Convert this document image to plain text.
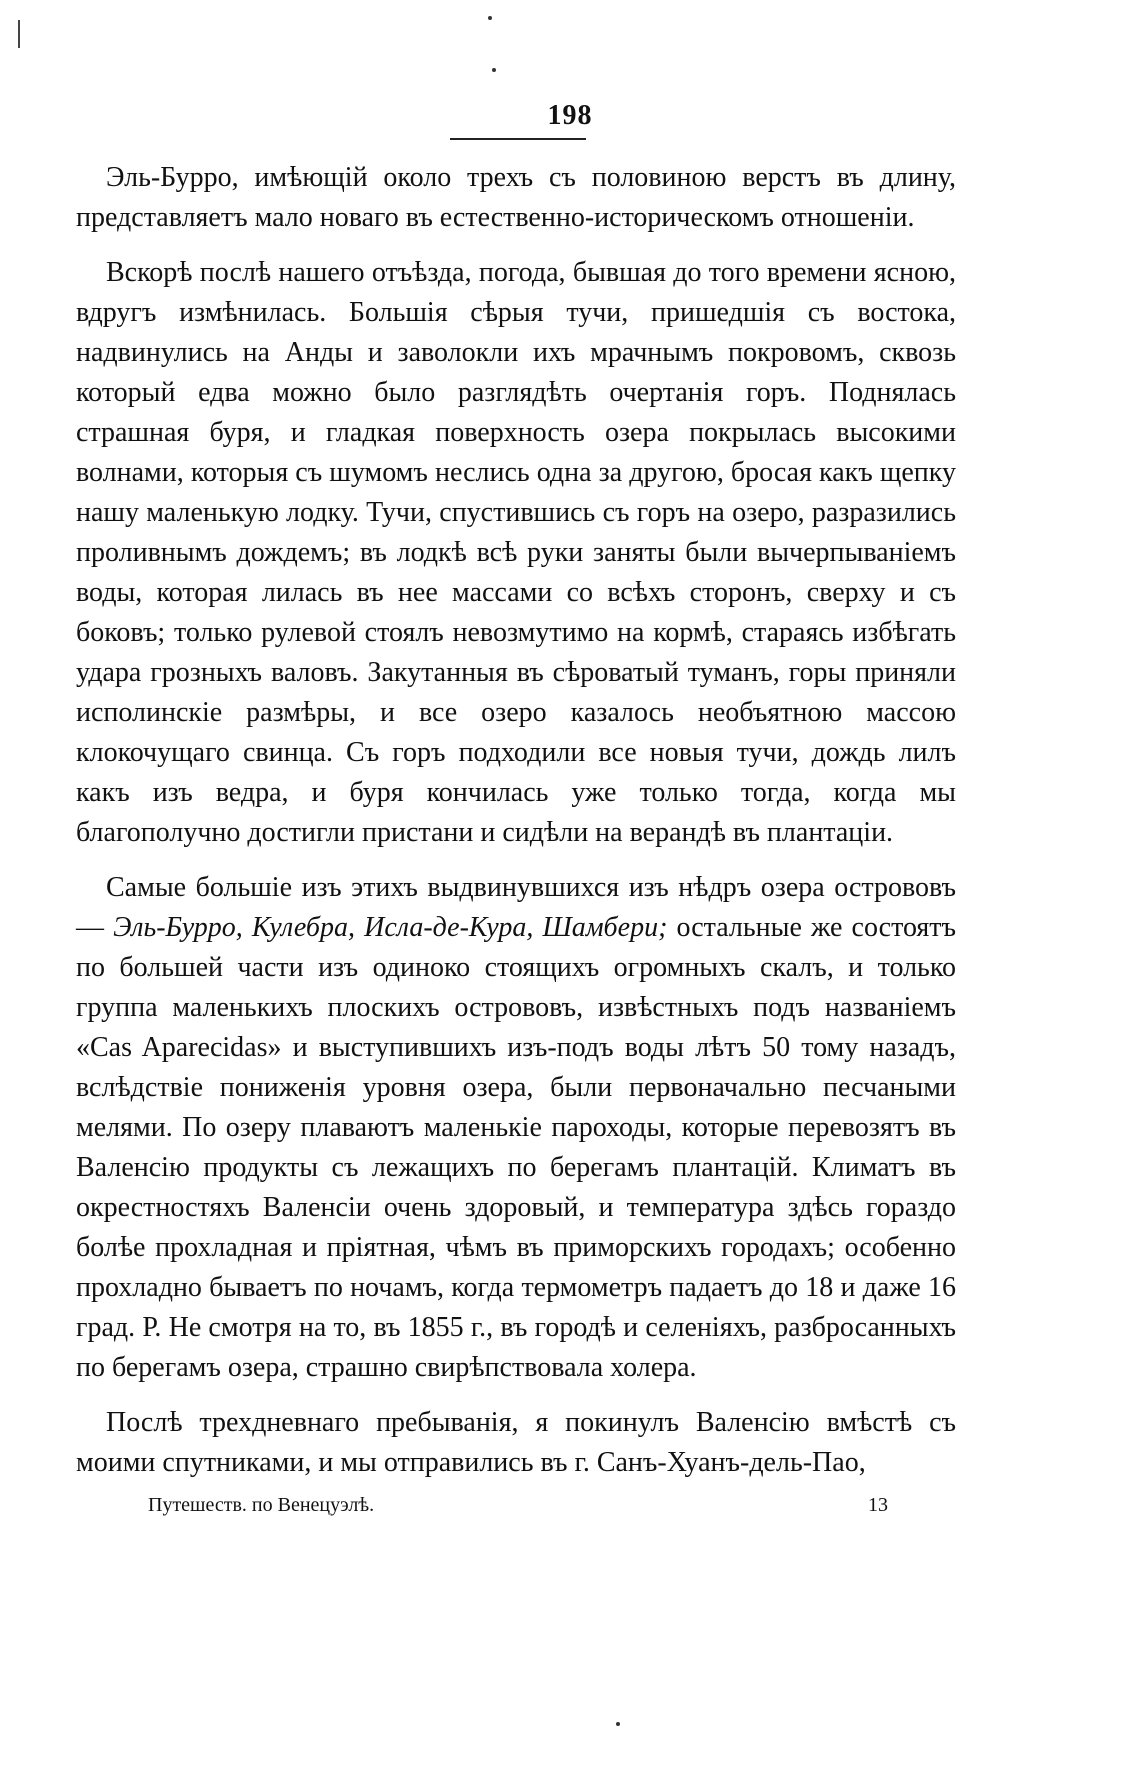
198

Эль-Бурро, имѣющій около трехъ съ половиною верстъ въ длину, представляетъ мало новаго въ естественно-историческомъ отношеніи.

Вскорѣ послѣ нашего отъѣзда, погода, бывшая до того времени ясною, вдругъ измѣнилась. Большія сѣрыя тучи, пришедшія съ востока, надвинулись на Анды и заволокли ихъ мрачнымъ покровомъ, сквозь который едва можно было разглядѣть очертанія горъ. Поднялась страшная буря, и гладкая поверхность озера покрылась высокими волнами, которыя съ шумомъ неслись одна за другою, бросая какъ щепку нашу маленькую лодку. Тучи, спустившись съ горъ на озеро, разразились проливнымъ дождемъ; въ лодкѣ всѣ руки заняты были вычерпываніемъ воды, которая лилась въ нее массами со всѣхъ сторонъ, сверху и съ боковъ; только рулевой стоялъ невозмутимо на кормѣ, стараясь избѣгать удара грозныхъ валовъ. Закутанныя въ сѣроватый туманъ, горы приняли исполинскіе размѣры, и все озеро казалось необъятною массою клокочущаго свинца. Съ горъ подходили все новыя тучи, дождь лилъ какъ изъ ведра, и буря кончилась уже только тогда, когда мы благополучно достигли пристани и сидѣли на верандѣ въ плантаціи.

Самые большіе изъ этихъ выдвинувшихся изъ нѣдръ озера острововъ — Эль-Бурро, Кулебра, Исла-де-Кура, Шамбери; остальные же состоятъ по большей части изъ одиноко стоящихъ огромныхъ скалъ, и только группа маленькихъ плоскихъ острововъ, извѣстныхъ подъ названіемъ «Cas Aparecidas» и выступившихъ изъ-подъ воды лѣтъ 50 тому назадъ, вслѣдствіе пониженія уровня озера, были первоначально песчаными мелями. По озеру плаваютъ маленькіе пароходы, которые перевозятъ въ Валенсію продукты съ лежащихъ по берегамъ плантацій. Климатъ въ окрестностяхъ Валенсіи очень здоровый, и температура здѣсь гораздо болѣе прохладная и пріятная, чѣмъ въ приморскихъ городахъ; особенно прохладно бываетъ по ночамъ, когда термометръ падаетъ до 18 и даже 16 град. Р. Не смотря на то, въ 1855 г., въ городѣ и селеніяхъ, разбросанныхъ по берегамъ озера, страшно свирѣпствовала холера.

Послѣ трехдневнаго пребыванія, я покинулъ Валенсію вмѣстѣ съ моими спутниками, и мы отправились въ г. Санъ-Хуанъ-дель-Пао,

Путешеств. по Венецуэлѣ.	13
